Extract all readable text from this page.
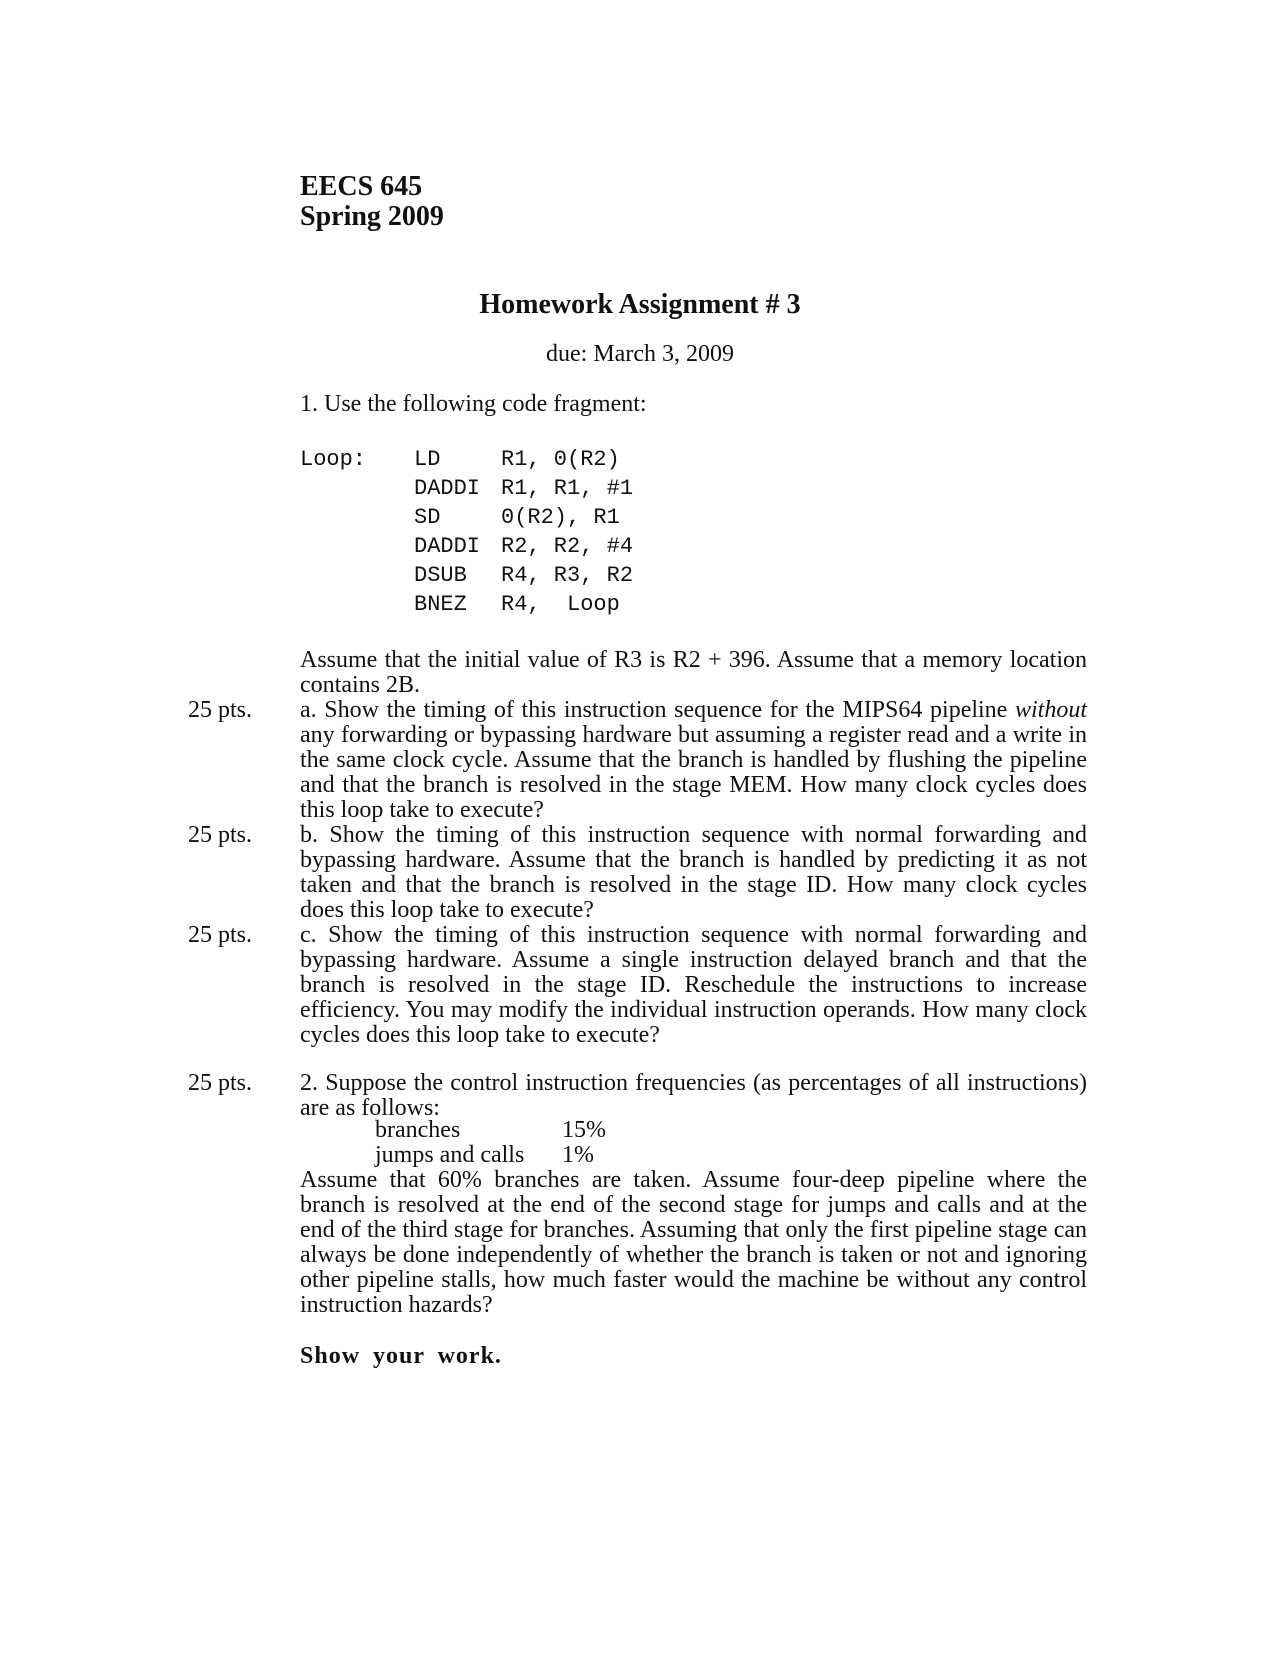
EECS 645
Spring 2009
Homework Assignment # 3
due: March 3, 2009
1. Use the following code fragment:
Loop:	LD	R1, 0(R2)
DADDI R1, R1, #1
SD	0(R2), R1
DADDI R2, R2, #4
DSUB	R4, R3, R2
BNEZ	R4,  Loop
Assume that the initial value of R3 is R2 + 396. Assume that a memory location contains 2B.
25 pts. a. Show the timing of this instruction sequence for the MIPS64 pipeline without any forwarding or bypassing hardware but assuming a register read and a write in the same clock cycle. Assume that the branch is handled by flushing the pipeline and that the branch is resolved in the stage MEM. How many clock cycles does this loop take to execute?
25 pts. b. Show the timing of this instruction sequence with normal forwarding and bypassing hardware. Assume that the branch is handled by predicting it as not taken and that the branch is resolved in the stage ID. How many clock cycles does this loop take to execute?
25 pts. c. Show the timing of this instruction sequence with normal forwarding and bypassing hardware. Assume a single instruction delayed branch and that the branch is resolved in the stage ID. Reschedule the instructions to increase efficiency. You may modify the individual instruction operands. How many clock cycles does this loop take to execute?
25 pts. 2. Suppose the control instruction frequencies (as percentages of all instructions) are as follows:
branches	15%
jumps and calls	1%
Assume that 60% branches are taken. Assume four-deep pipeline where the branch is resolved at the end of the second stage for jumps and calls and at the end of the third stage for branches. Assuming that only the first pipeline stage can always be done independently of whether the branch is taken or not and ignoring other pipeline stalls, how much faster would the machine be without any control instruction hazards?
Show your work.
